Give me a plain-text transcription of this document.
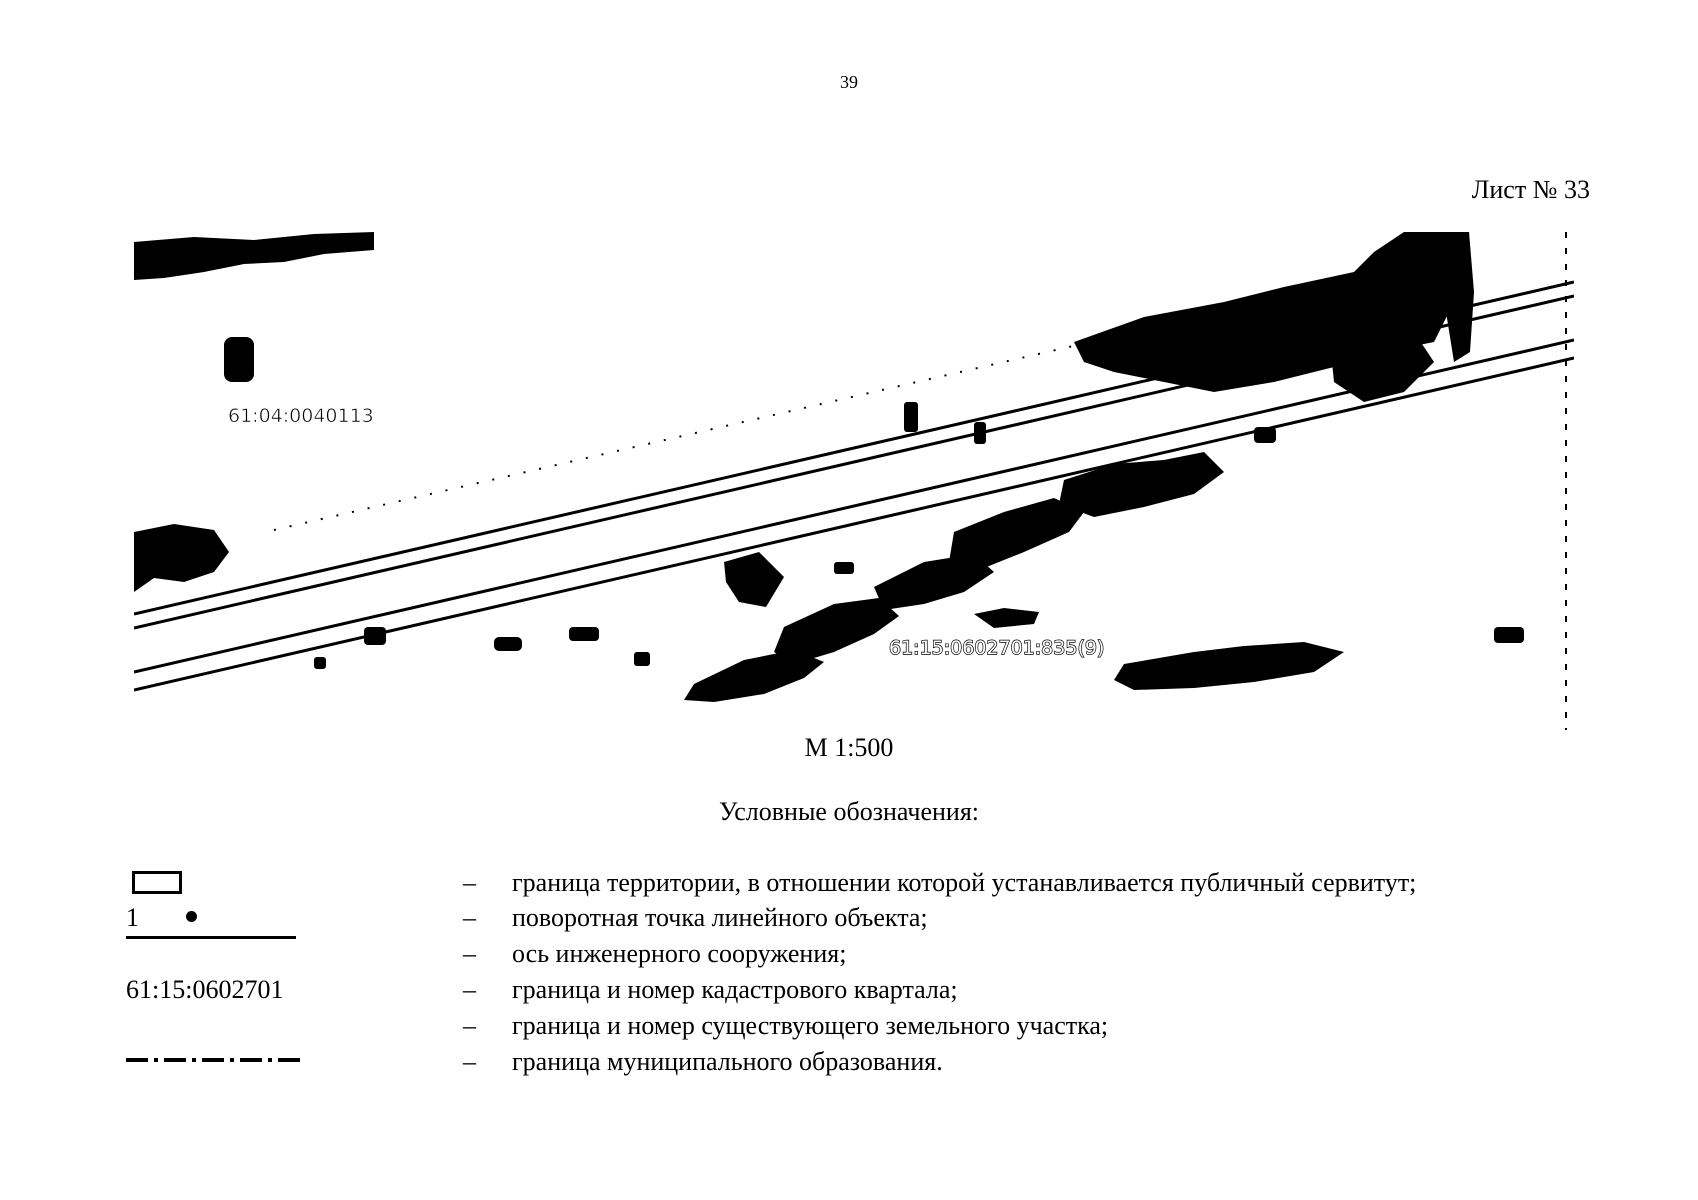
39
Лист № 33
61:04:0040113
61:15:0602701:835(9)
М 1:500
Условные обозначения:
– граница территории, в отношении которой устанавливается публичный сервитут;
1	– поворотная точка линейного объекта;
– ось инженерного сооружения;
61:15:0602701	– граница и номер кадастрового квартала;
– граница и номер существующего земельного участка;
– граница муниципального образования.
